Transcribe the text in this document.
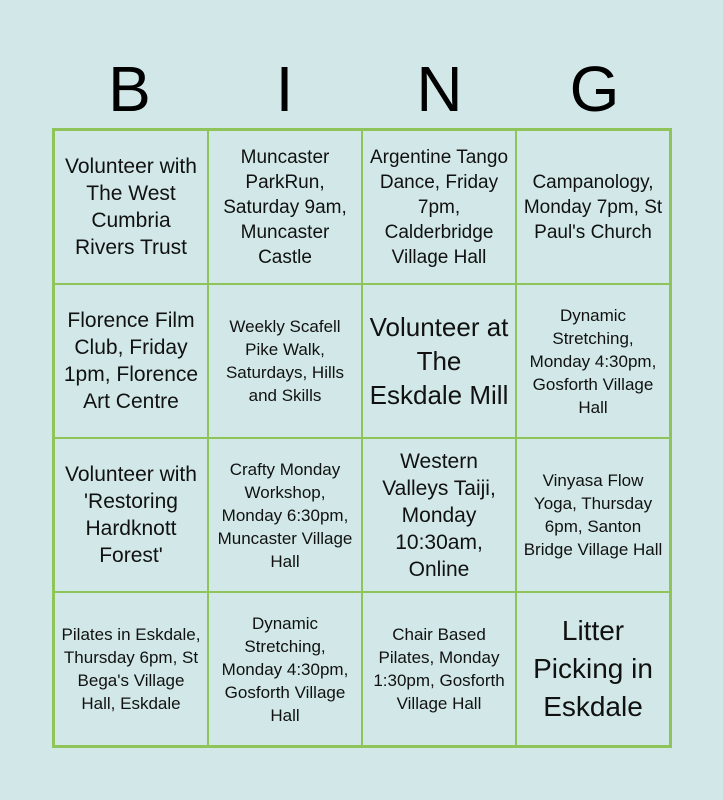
B	I	N	G
Volunteer with The West Cumbria Rivers Trust
Muncaster ParkRun, Saturday 9am, Muncaster Castle
Argentine Tango Dance, Friday 7pm, Calderbridge Village Hall
Campanology, Monday 7pm, St Paul's Church
Florence Film Club, Friday 1pm, Florence Art Centre
Weekly Scafell Pike Walk, Saturdays, Hills and Skills
Volunteer at The Eskdale Mill
Dynamic Stretching, Monday 4:30pm, Gosforth Village Hall
Volunteer with 'Restoring Hardknott Forest'
Crafty Monday Workshop, Monday 6:30pm, Muncaster Village Hall
Western Valleys Taiji, Monday 10:30am, Online
Vinyasa Flow Yoga, Thursday 6pm, Santon Bridge Village Hall
Pilates in Eskdale, Thursday 6pm, St Bega's Village Hall, Eskdale
Dynamic Stretching, Monday 4:30pm, Gosforth Village Hall
Chair Based Pilates, Monday 1:30pm, Gosforth Village Hall
Litter Picking in Eskdale
